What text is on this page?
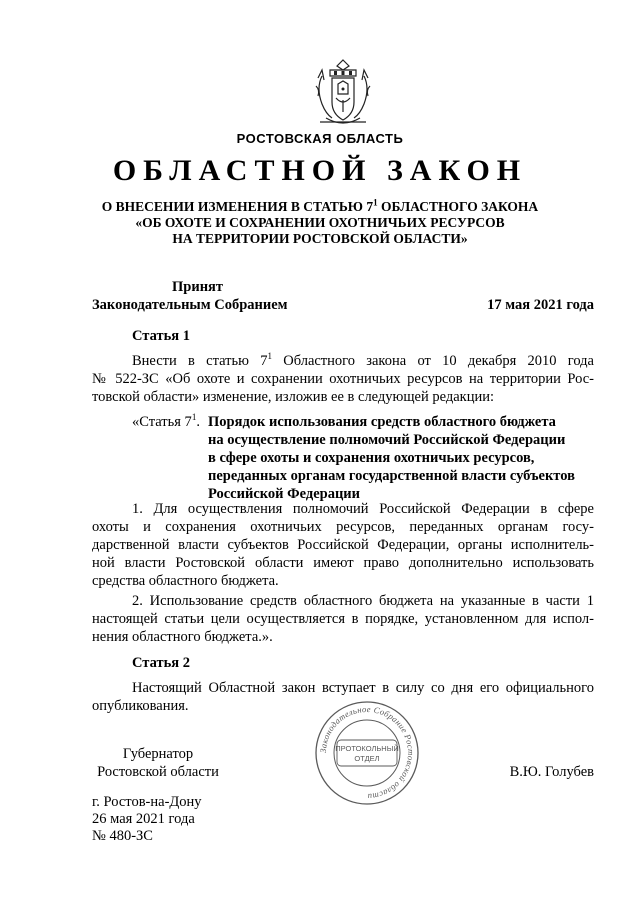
РОСТОВСКАЯ ОБЛАСТЬ
ОБЛАСТНОЙ ЗАКОН
О ВНЕСЕНИИ ИЗМЕНЕНИЯ В СТАТЬЮ $7^1$ ОБЛАСТНОГО ЗАКОНА
«ОБ ОХОТЕ И СОХРАНЕНИИ ОХОТНИЧЬИХ РЕСУРСОВ
НА ТЕРРИТОРИИ РОСТОВСКОЙ ОБЛАСТИ»
Принят
Законодательным Собранием	17 мая 2021 года
Статья 1
Внести в статью $7^1$ Областного закона от 10 декабря 2010 года
№ 522-ЗС «Об охоте и сохранении охотничьих ресурсов на территории Рос-
товской области» изменение, изложив ее в следующей редакции:
«Статья $7^1$. Порядок использования средств областного бюджета
на осуществление полномочий Российской Федерации
в сфере охоты и сохранения охотничьих ресурсов,
переданных органам государственной власти субъектов
Российской Федерации
1. Для осуществления полномочий Российской Федерации в сфере
охоты и сохранения охотничьих ресурсов, переданных органам госу-
дарственной власти субъектов Российской Федерации, органы исполнитель-
ной власти Ростовской области имеют право дополнительно использовать
средства областного бюджета.
2. Использование средств областного бюджета на указанные в части 1
настоящей статьи цели осуществляется в порядке, установленном для испол-
нения областного бюджета.».
Статья 2
Настоящий Областной закон вступает в силу со дня его официального
опубликования.
Законодательное Собрание Ростовской области
ПРОТОКОЛЬНЫЙ
ОТДЕЛ
Губернатор
Ростовской области	В.Ю. Голубев
г. Ростов-на-Дону
26 мая 2021 года
№ 480-ЗС
